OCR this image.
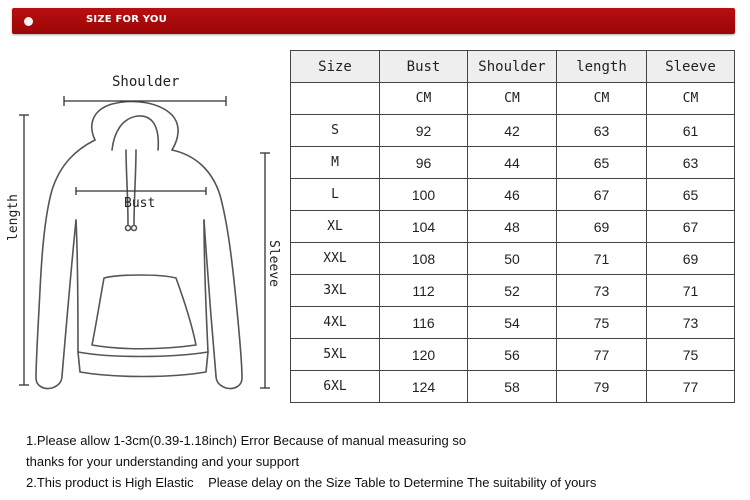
SIZE FOR YOU
Shoulder
Bust
length
Sleeve
Size	Bust	Shoulder	length	Sleeve
	CM	CM	CM	CM
S	92	42	63	61
M	96	44	65	63
L	100	46	67	65
XL	104	48	69	67
XXL	108	50	71	69
3XL	112	52	73	71
4XL	116	54	75	73
5XL	120	56	77	75
6XL	124	58	79	77
1.Please allow 1-3cm(0.39-1.18inch) Error Because of manual measuring so
thanks for your understanding and your support
2.This product is High Elastic    Please delay on the Size Table to Determine The suitability of yours
